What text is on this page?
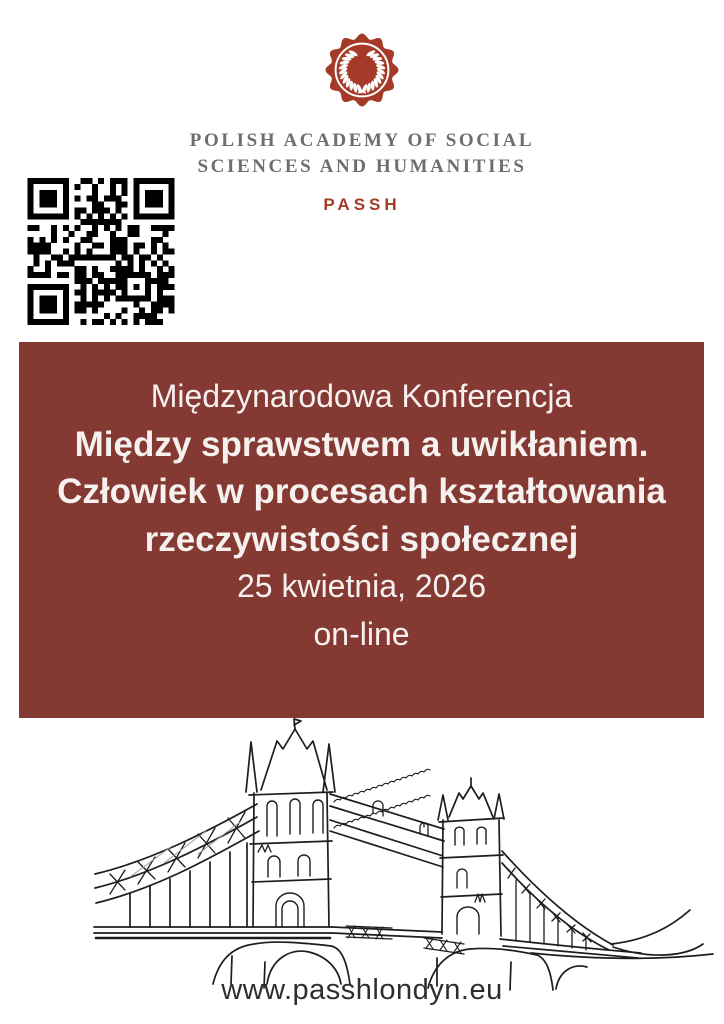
POLISH ACADEMY OF SOCIAL
SCIENCES AND HUMANITIES
PASSH
Międzynarodowa Konferencja
Między sprawstwem a uwikłaniem.
Człowiek w procesach kształtowania
rzeczywistości społecznej
25 kwietnia, 2026
on-line
www.passhlondyn.eu
